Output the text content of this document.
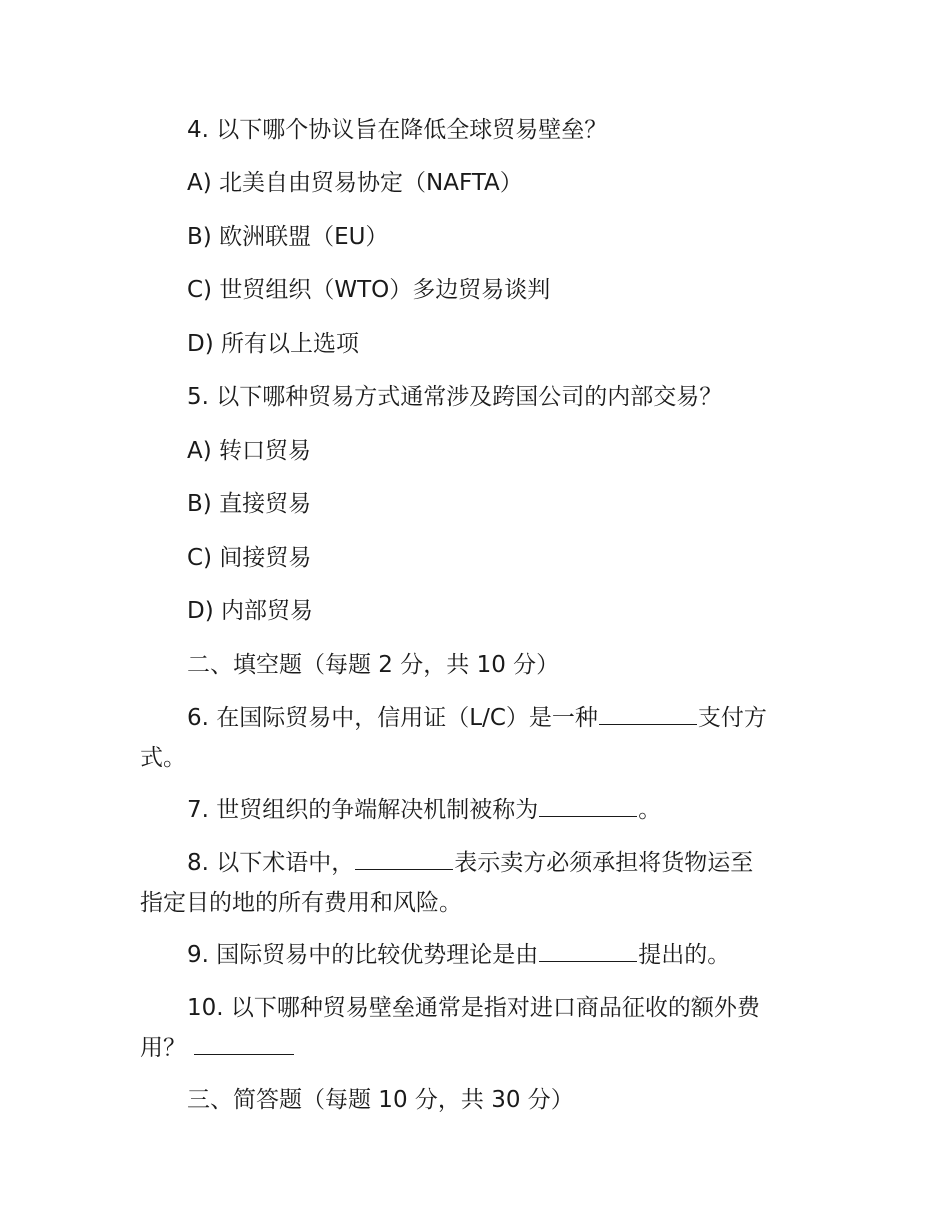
4. 以下哪个协议旨在降低全球贸易壁垒？
A) 北美自由贸易协定（NAFTA）
B) 欧洲联盟（EU）
C) 世贸组织（WTO）多边贸易谈判
D) 所有以上选项
5. 以下哪种贸易方式通常涉及跨国公司的内部交易？
A) 转口贸易
B) 直接贸易
C) 间接贸易
D) 内部贸易
二、填空题（每题 2 分，共 10 分）
6. 在国际贸易中，信用证（L/C）是一种	支付方
式。
7. 世贸组织的争端解决机制被称为	。
8. 以下术语中，	表示卖方必须承担将货物运至
指定目的地的所有费用和风险。
9. 国际贸易中的比较优势理论是由	提出的。
10. 以下哪种贸易壁垒通常是指对进口商品征收的额外费
用？
三、简答题（每题 10 分，共 30 分）
